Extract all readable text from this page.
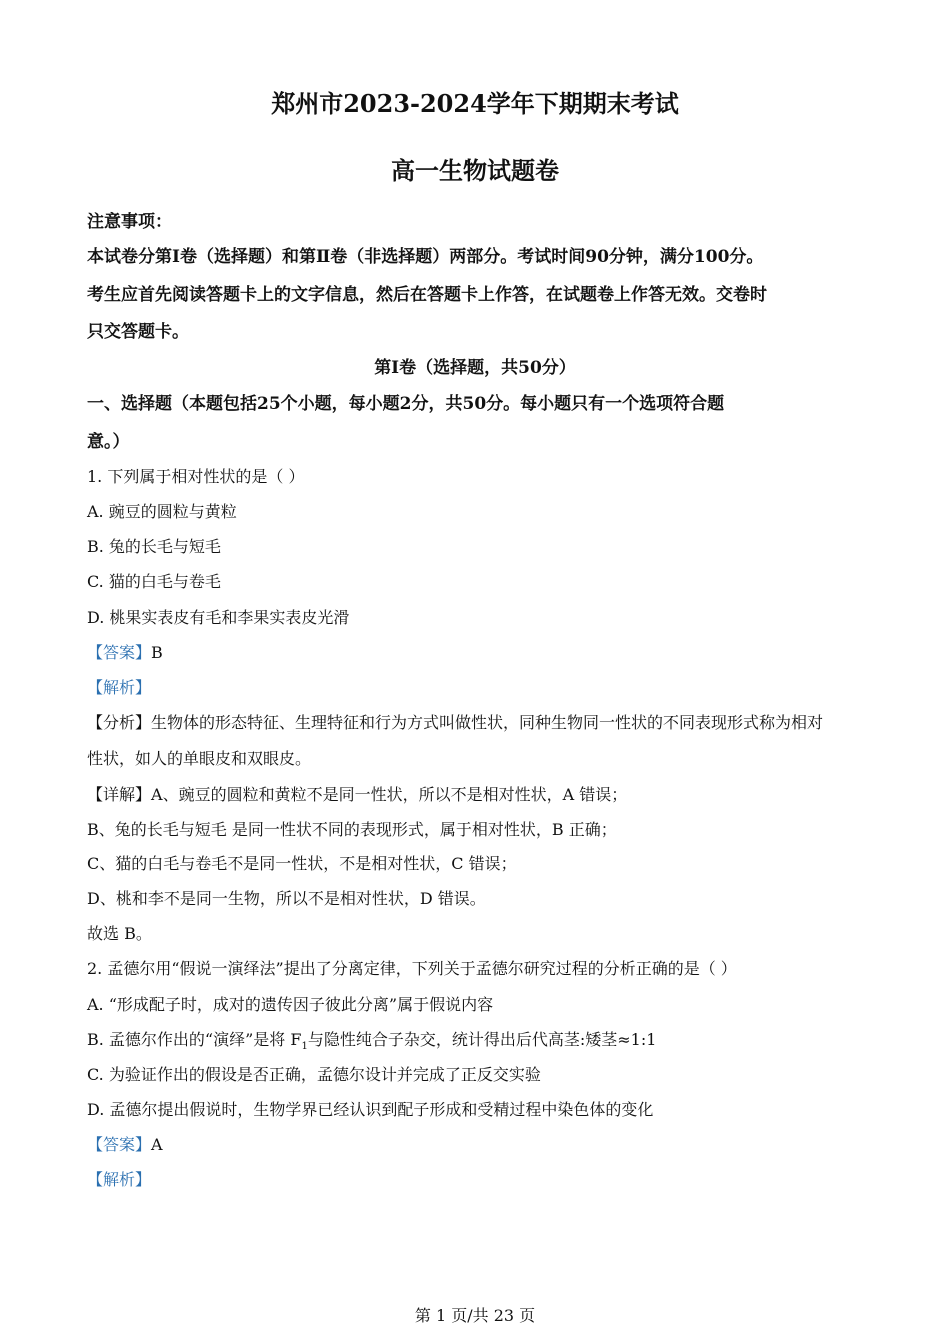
郑州市2023-2024学年下期期末考试
高一生物试题卷
注意事项：
本试卷分第Ⅰ卷（选择题）和第Ⅱ卷（非选择题）两部分。考试时间90分钟，满分100分。
考生应首先阅读答题卡上的文字信息，然后在答题卡上作答，在试题卷上作答无效。交卷时
只交答题卡。
第Ⅰ卷（选择题，共50分）
一、选择题（本题包括25个小题，每小题2分，共50分。每小题只有一个选项符合题
意。）
1. 下列属于相对性状的是（ ）
A. 豌豆的圆粒与黄粒
B. 兔的长毛与短毛
C. 猫的白毛与卷毛
D. 桃果实表皮有毛和李果实表皮光滑
【答案】B
【解析】
【分析】生物体的形态特征、生理特征和行为方式叫做性状，同种生物同一性状的不同表现形式称为相对
性状，如人的单眼皮和双眼皮。
【详解】A、豌豆的圆粒和黄粒不是同一性状，所以不是相对性状，A 错误；
B、兔的长毛与短毛 是同一性状不同的表现形式，属于相对性状，B 正确；
C、猫的白毛与卷毛不是同一性状，不是相对性状，C 错误；
D、桃和李不是同一生物，所以不是相对性状，D 错误。
故选 B。
2. 孟德尔用“假说一演绎法”提出了分离定律，下列关于孟德尔研究过程的分析正确的是（ ）
A. “形成配子时，成对的遗传因子彼此分离”属于假说内容
B. 孟德尔作出的“演绎”是将 $F_1$与隐性纯合子杂交，统计得出后代高茎:矮茎≈1:1
C. 为验证作出的假设是否正确，孟德尔设计并完成了正反交实验
D. 孟德尔提出假说时，生物学界已经认识到配子形成和受精过程中染色体的变化
【答案】A
【解析】
第 1 页/共 23 页
